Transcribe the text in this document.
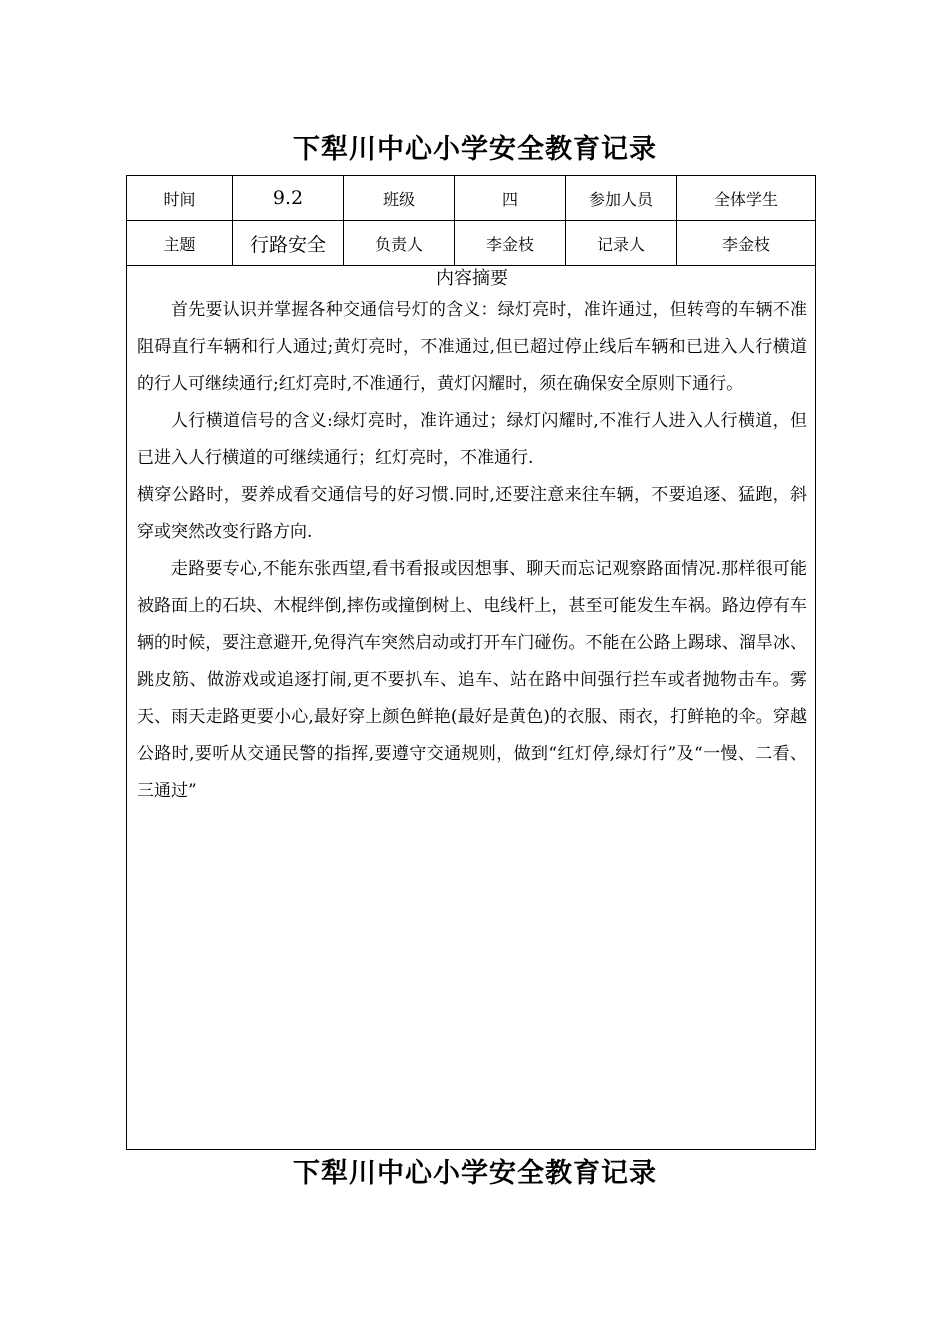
下犁川中心小学安全教育记录
时间	9.2	班级	四	参加人员	全体学生
主题	行路安全	负责人	李金枝	记录人	李金枝

内容摘要

首先要认识并掌握各种交通信号灯的含义：绿灯亮时，准许通过，但转弯的车辆不准阻碍直行车辆和行人通过;黄灯亮时，不准通过,但已超过停止线后车辆和已进入人行横道的行人可继续通行;红灯亮时,不准通行，黄灯闪耀时，须在确保安全原则下通行。

人行横道信号的含义:绿灯亮时，准许通过；绿灯闪耀时,不准行人进入人行横道，但已进入人行横道的可继续通行；红灯亮时，不准通行.

横穿公路时，要养成看交通信号的好习惯.同时,还要注意来往车辆，不要追逐、猛跑，斜穿或突然改变行路方向.

走路要专心,不能东张西望,看书看报或因想事、聊天而忘记观察路面情况.那样很可能被路面上的石块、木棍绊倒,摔伤或撞倒树上、电线杆上，甚至可能发生车祸。路边停有车辆的时候，要注意避开,免得汽车突然启动或打开车门碰伤。不能在公路上踢球、溜旱冰、跳皮筋、做游戏或追逐打闹,更不要扒车、追车、站在路中间强行拦车或者抛物击车。雾天、雨天走路更要小心,最好穿上颜色鲜艳(最好是黄色)的衣服、雨衣，打鲜艳的伞。穿越公路时,要听从交通民警的指挥,要遵守交通规则，做到“红灯停,绿灯行”及“一慢、二看、三通过”					

下犁川中心小学安全教育记录
